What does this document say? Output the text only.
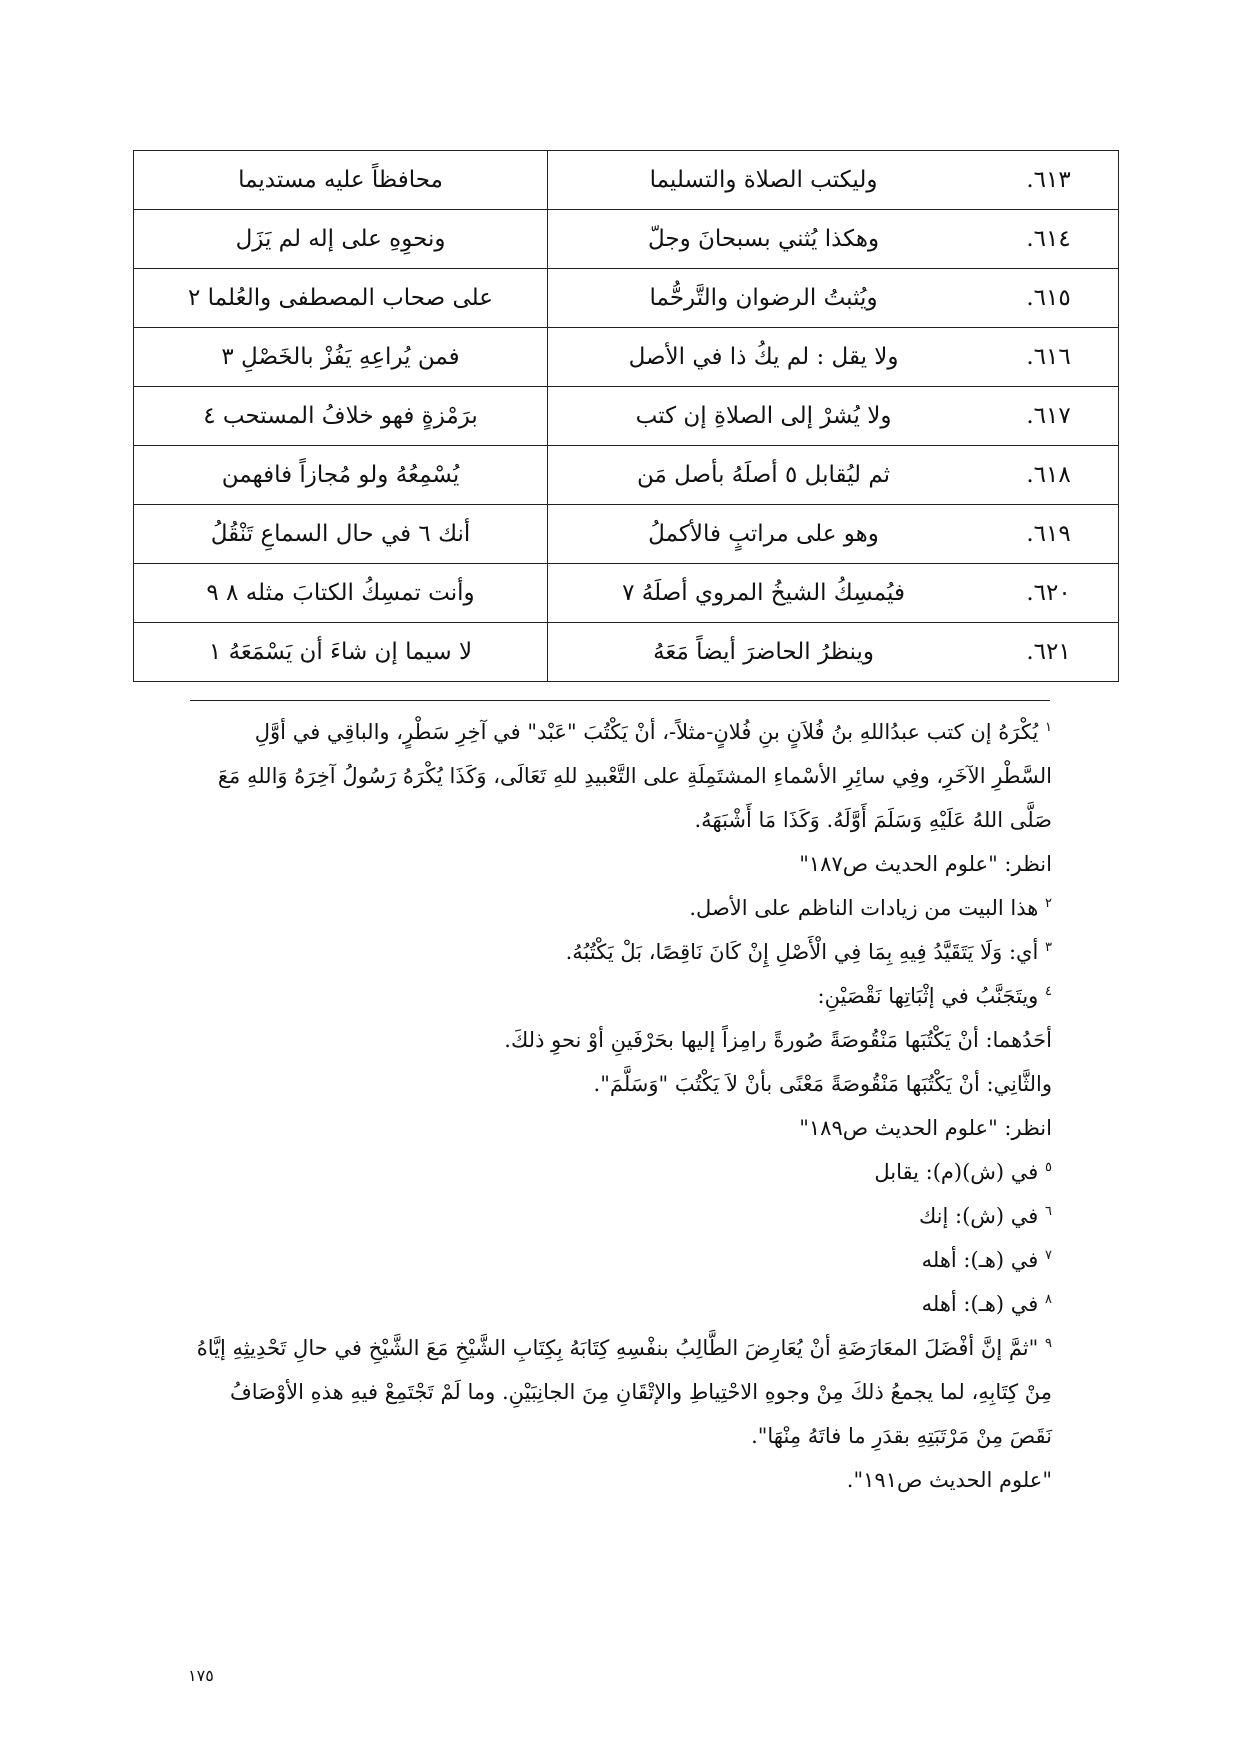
٦١٣.	وليكتب الصلاة والتسليما	محافظاً عليه مستديما
٦١٤.	وهكذا يُثني بسبحانَ وجلّ	ونحوِهِ على إله لم يَزَل
٦١٥.	ويُثبتُ الرضوان والتَّرحُّما	على صحاب المصطفى والعُلما ٢
٦١٦.	ولا يقل : لم يكُ ذا في الأصل	فمن يُراعِهِ يَفُزْ بالخَصْلِ ٣
٦١٧.	ولا يُشرْ إلى الصلاةِ إن كتب	برَمْزةٍ فهو خلافُ المستحب ٤
٦١٨.	ثم ليُقابل ٥ أصلَهُ بأصل مَن	يُسْمِعُهُ ولو مُجازاً فافهمن
٦١٩.	وهو على مراتبٍ فالأكملُ	أنك ٦ في حال السماعِ تَنْقُلُ
٦٢٠.	فيُمسِكُ الشيخُ المروي أصلَهُ ٧	وأنت تمسِكُ الكتابَ مثله ٨ ٩
٦٢١.	وينظرُ الحاضرَ أيضاً مَعَهُ	لا سيما إن شاءَ أن يَسْمَعَهُ ١

$^١$ يُكْرَهُ إن كتب عبدُاللهِ بنُ فُلاَنٍ بنِ فُلانٍ-مثلاً-، أنْ يَكْتُبَ "عَبْد" في آخِرِ سَطْرٍ، والباقِي في أوَّلِ السَّطْرِ الآخَرِ، وفِي سائِرِ الأسْماءِ المشتَمِلَةِ على التَّعْبيدِ للهِ تَعَالَى، وَكَذَا يُكْرَهُ رَسُولُ آخِرَهُ وَاللهِ مَعَ صَلَّى اللهُ عَلَيْهِ وَسَلَمَ أَوَّلَهُ. وَكَذَا مَا أَشْبَهَهُ.

انظر: "علوم الحديث ص١٨٧"

$^٢$ هذا البيت من زيادات الناظم على الأصل.

$^٣$ أي: وَلَا يَتَقَيَّدُ فِيهِ بِمَا فِي الْأَصْلِ إِنْ كَانَ نَاقِصًا، بَلْ يَكْتُبُهُ.

$^٤$ ويتَجَنَّبُ في إثْبَاتِها نَقْصَيْنِ:

أحَدُهما: أنْ يَكْتُبَها مَنْقُوصَةً صُورةً رامِزاً إليها بحَرْفَينِ أوْ نحوِ ذلكَ.

والثَّانِي: أنْ يَكْتُبَها مَنْقُوصَةً مَعْنًى بأنْ لاَ يَكْتُبَ "وَسَلَّمَ".

انظر: "علوم الحديث ص١٨٩"

$^٥$ في (ش)(م): يقابل

$^٦$ في (ش): إنك

$^٧$ في (هـ): أهله

$^٨$ في (هـ): أهله

$^٩$ "ثمَّ إنَّ أفْضَلَ المعَارَضَةِ أنْ يُعَارِضَ الطَّالِبُ بنفْسِهِ كِتَابَهُ بِكِتَابِ الشَّيْخِ مَعَ الشَّيْخِ في حالِ تَحْدِيثِهِ إيَّاهُ مِنْ كِتَابِهِ، لما يجمعُ ذلكَ مِنْ وجوهِ الاحْتِياطِ والإتْقَانِ مِنَ الجانِبَيْنِ. وما لَمْ تَجْتَمِعْ فيهِ هذهِ الأوْصَافُ نَقَصَ مِنْ مَرْتَبَتِهِ بقدَرِ ما فاتَهُ مِنْهَا".

"علوم الحديث ص١٩١".

١٧٥
